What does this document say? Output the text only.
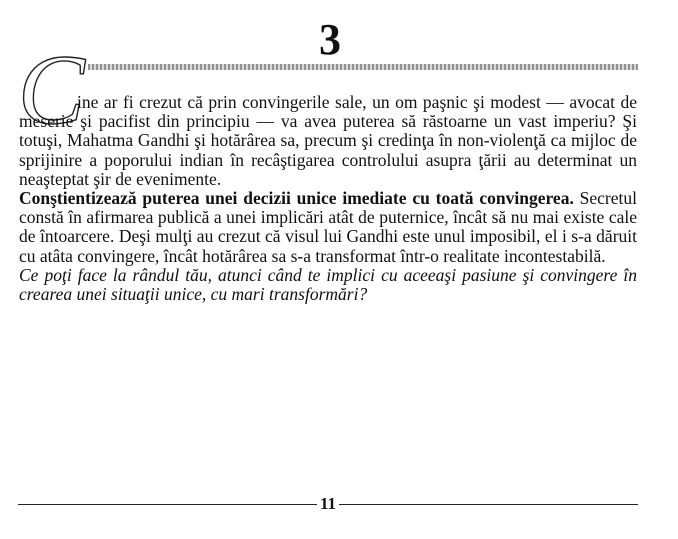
3
C

ine ar fi crezut că prin convingerile sale, un om paşnic şi modest — avocat de meserie şi pacifist din principiu — va avea puterea să răstoarne un vast imperiu? Şi totuşi, Mahatma Gandhi şi hotărârea sa, precum şi credinţa în non-violenţă ca mijloc de sprijinire a poporului indian în recâştigarea controlului asupra ţării au determinat un neaşteptat şir de evenimente.

Conştientizează puterea unei decizii unice imediate cu toată convingerea. Secretul constă în afirmarea publică a unei implicări atât de puternice, încât să nu mai existe cale de întoarcere. Deşi mulţi au crezut că visul lui Gandhi este unul imposibil, el i s-a dăruit cu atâta convingere, încât hotărârea sa s-a transformat într-o realitate incontestabilă.

Ce poţi face la rândul tău, atunci când te implici cu aceeaşi pasiune şi convingere în crearea unei situaţii unice, cu mari transformări?

11
